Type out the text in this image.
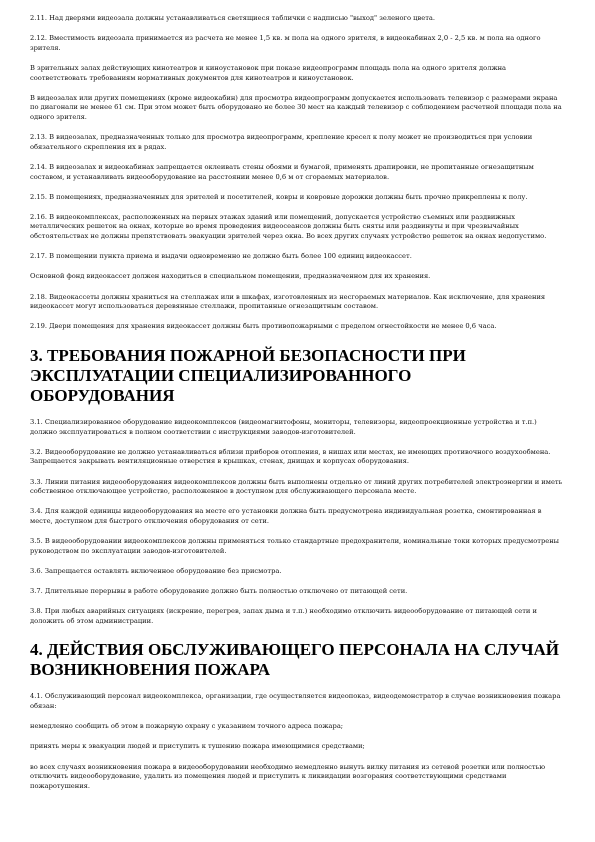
2.11. Над дверями видеозала должны устанавливаться светящиеся таблички с надписью "выход" зеленого цвета.

2.12. Вместимость видеозала принимается из расчета не менее 1,5 кв. м пола на одного зрителя, в видеокабинах 2,0 - 2,5 кв. м пола на одного зрителя.

В зрительных залах действующих кинотеатров и киноустановок при показе видеопрограмм площадь пола на одного зрителя должна соответствовать требованиям нормативных документов для кинотеатров и киноустановок.

В видеозалах или других помещениях (кроме видеокабин) для просмотра видеопрограмм допускается использовать телевизор с размерами экрана по диагонали не менее 61 см. При этом может быть оборудовано не более 30 мест на каждый телевизор с соблюдением расчетной площади пола на одного зрителя.

2.13. В видеозалах, предназначенных только для просмотра видеопрограмм, крепление кресел к полу может не производиться при условии обязательного скрепления их в рядах.

2.14. В видеозалах и видеокабинах запрещается оклеивать стены обоями и бумагой, применять драпировки, не пропитанные огнезащитным составом, и устанавливать видеооборудование на расстоянии менее 0,6 м от сгораемых материалов.

2.15. В помещениях, предназначенных для зрителей и посетителей, ковры и ковровые дорожки должны быть прочно прикреплены к полу.

2.16. В видеокомплексах, расположенных на первых этажах зданий или помещений, допускается устройство съемных или раздвижных металлических решеток на окнах, которые во время проведения видеосеансов должны быть сняты или раздвинуты и при чрезвычайных обстоятельствах не должны препятствовать эвакуации зрителей через окна. Во всех других случаях устройство решеток на окнах недопустимо.

2.17. В помещении пункта приема и выдачи одновременно не должно быть более 100 единиц видеокассет.

Основной фонд видеокассет должен находиться в специальном помещении, предназначенном для их хранения.

2.18. Видеокассеты должны храниться на стеллажах или в шкафах, изготовленных из несгораемых материалов. Как исключение, для хранения видеокассет могут использоваться деревянные стеллажи, пропитанные огнезащитным составом.

2.19. Двери помещения для хранения видеокассет должны быть противопожарными с пределом огнестойкости не менее 0,6 часа.

3. ТРЕБОВАНИЯ ПОЖАРНОЙ БЕЗОПАСНОСТИ ПРИ ЭКСПЛУАТАЦИИ СПЕЦИАЛИЗИРОВАННОГО ОБОРУДОВАНИЯ

3.1. Специализированное оборудование видеокомплексов (видеомагнитофоны, мониторы, телевизоры, видеопроекционные устройства и т.п.) должно эксплуатироваться в полном соответствии с инструкциями заводов-изготовителей.

3.2. Видеооборудование не должно устанавливаться вблизи приборов отопления, в нишах или местах, не имеющих противочного воздухообмена. Запрещается закрывать вентиляционные отверстия в крышках, стенах, днищах и корпусах оборудования.

3.3. Линии питания видеооборудования видеокомплексов должны быть выполнены отдельно от линий других потребителей электроэнергии и иметь собственное отключающее устройство, расположенное в доступном для обслуживающего персонала месте.

3.4. Для каждой единицы видеооборудования на месте его установки должна быть предусмотрена индивидуальная розетка, смонтированная в месте, доступном для быстрого отключения оборудования от сети.

3.5. В видеооборудовании видеокомплексов должны применяться только стандартные предохранители, номинальные токи которых предусмотрены руководством по эксплуатации заводов-изготовителей.

3.6. Запрещается оставлять включенное оборудование без присмотра.

3.7. Длительные перерывы в работе оборудование должно быть полностью отключено от питающей сети.

3.8. При любых аварийных ситуациях (искрение, перегрев, запах дыма и т.п.) необходимо отключить видеооборудование от питающей сети и доложить об этом администрации.

4. ДЕЙСТВИЯ ОБСЛУЖИВАЮЩЕГО ПЕРСОНАЛА НА СЛУЧАЙ ВОЗНИКНОВЕНИЯ ПОЖАРА

4.1. Обслуживающий персонал видеокомплекса, организации, где осуществляется видеопоказ, видеодемонстратор в случае возникновения пожара обязан:

немедленно сообщить об этом в пожарную охрану с указанием точного адреса пожара;

принять меры к эвакуации людей и приступить к тушению пожара имеющимися средствами;

во всех случаях возникновения пожара в видеооборудовании необходимо немедленно вынуть вилку питания из сетевой розетки или полностью отключить видеооборудование, удалить из помещения людей и приступить к ликвидации возгорания соответствующими средствами пожаротушения.
